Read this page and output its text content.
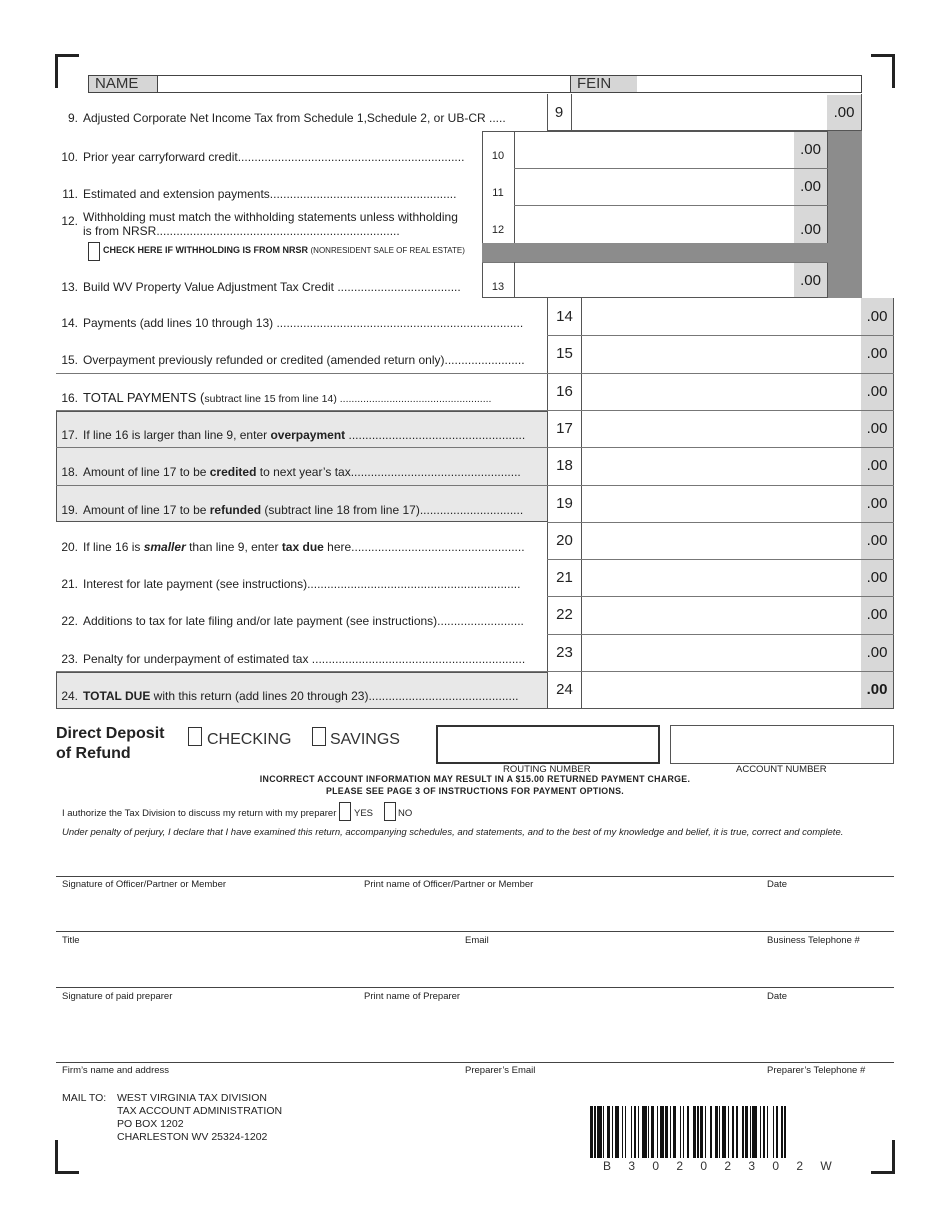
NAME	FEIN
9. Adjusted Corporate Net Income Tax from Schedule 1,Schedule 2, or UB-CR .....	9	.00
10. Prior year carryforward credit....................................................................	10	.00
11. Estimated and extension payments........................................................	11	.00
12. Withholding must match the withholding statements unless withholding
is from NRSR.........................................................................	12	.00
CHECK HERE IF WITHHOLDING IS FROM NRSR (NONRESIDENT SALE OF REAL ESTATE)
13. Build WV Property Value Adjustment Tax Credit .....................................	13	.00
14. Payments (add lines 10 through 13) ..........................................................................	14	.00
15. Overpayment previously refunded or credited (amended return only)........................	15	.00
16. TOTAL PAYMENTS (subtract line 15 from line 14) ....................................................	16	.00
17. If line 16 is larger than line 9, enter overpayment .....................................................	17	.00
18. Amount of line 17 to be credited to next year’s tax...................................................	18	.00
19. Amount of line 17 to be refunded (subtract line 18 from line 17)...............................	19	.00
20. If line 16 is smaller than line 9, enter tax due here....................................................	20	.00
21. Interest for late payment (see instructions)................................................................	21	.00
22. Additions to tax for late filing and/or late payment (see instructions)..........................	22	.00
23. Penalty for underpayment of estimated tax ................................................................	23	.00
24. TOTAL DUE with this return (add lines 20 through 23).............................................	24	.00
Direct Deposit
of Refund
CHECKING SAVINGS
ROUTING NUMBER	ACCOUNT NUMBER
INCORRECT ACCOUNT INFORMATION MAY RESULT IN A $15.00 RETURNED PAYMENT CHARGE.
PLEASE SEE PAGE 3 OF INSTRUCTIONS FOR PAYMENT OPTIONS.
I authorize the Tax Division to discuss my return with my preparer YES	NO
Under penalty of perjury, I declare that I have examined this return, accompanying schedules, and statements, and to the best of my knowledge and belief, it is true, correct and complete.
Signature of Officer/Partner or Member	Print name of Officer/Partner or Member	Date
Title	Email	Business Telephone #
Signature of paid preparer	Print name of Preparer	Date
Firm’s name and address	Preparer’s Email	Preparer’s Telephone #
MAIL TO: WEST VIRGINIA TAX DIVISION
TAX ACCOUNT ADMINISTRATION
PO BOX 1202
CHARLESTON WV 25324-1202
B 3 0 2 0 2 3 0 2 W
